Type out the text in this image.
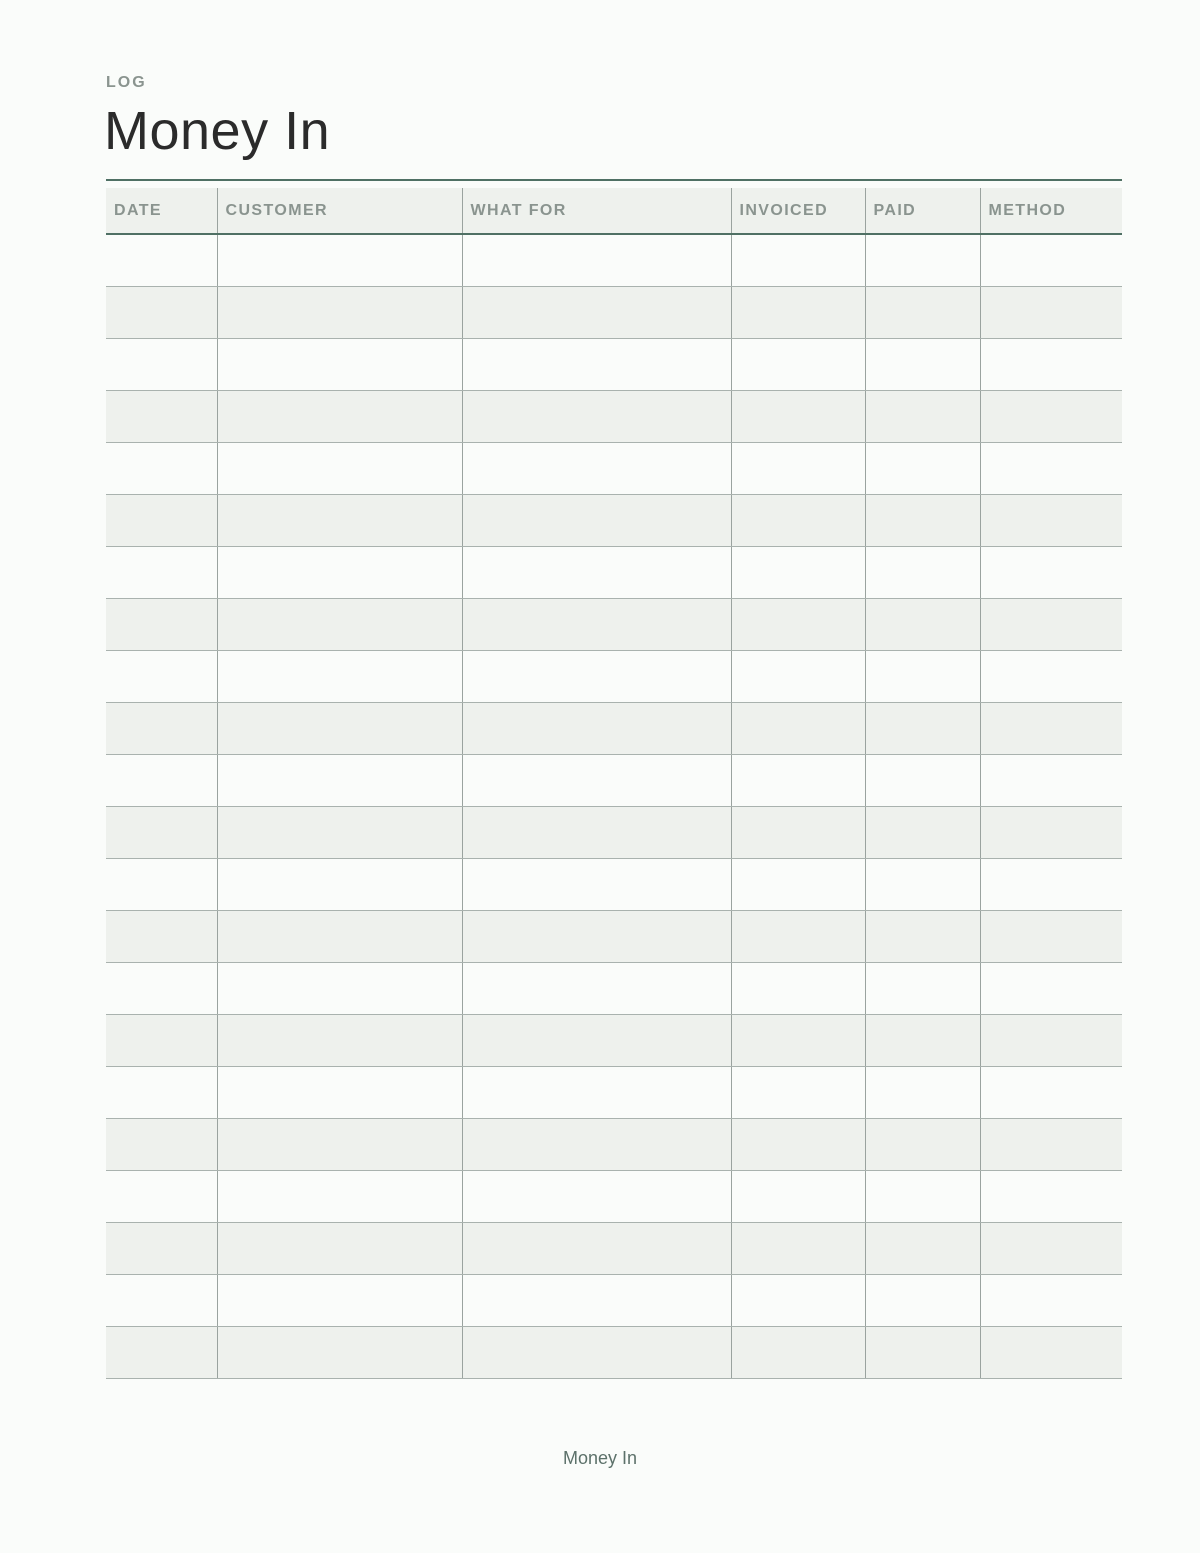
LOG
Money In
DATE	CUSTOMER	WHAT FOR	INVOICED	PAID	METHOD

Money In
